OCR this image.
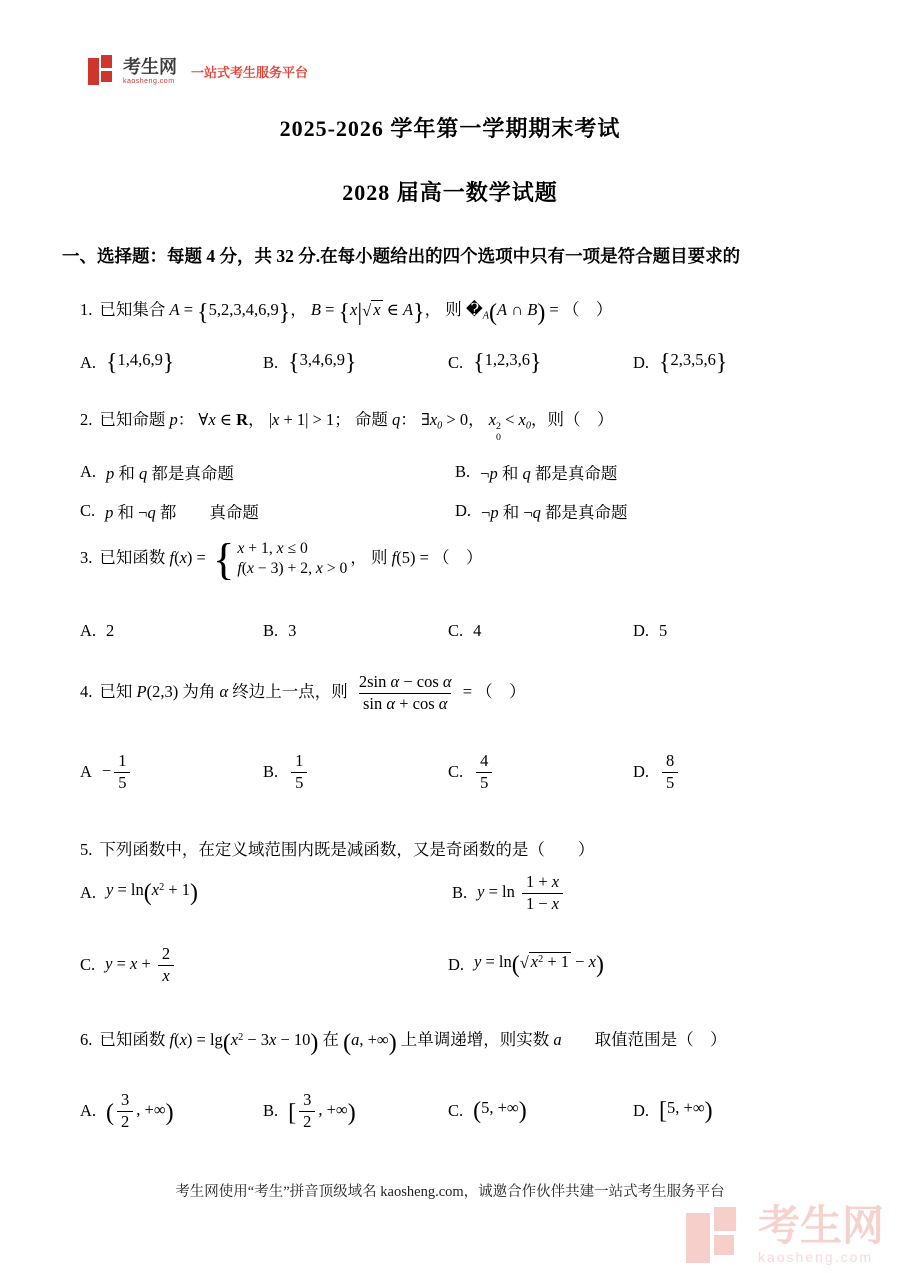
考生网
kaosheng.com
一站式考生服务平台
2025-2026 学年第一学期期末考试
2028 届高一数学试题
一、选择题：每题 4 分，共 32 分.在每小题给出的四个选项中只有一项是符合题目要求的
1. 已知集合 A = {5,2,3,4,6,9}， B = {x| √ x ∈ A}， 则 $�_A(A$ ∩ B) = （　）
A. {1,4,6,9}	B. {3,4,6,9}	C. {1,2,3,6}	D. {2,3,5,6}
2. 已知命题 p： ∀x ∈ R， |x + 1| > 1； 命题 q： $\exists x_0 > 0$， x 2
0
< $x_0$，则（　）
A. p 和 q 都是真命题	B. ¬p 和 q 都是真命题
C. p 和 ¬q 都　　 真命题	D. ¬p 和 ¬q 都是真命题
3. 已知函数 f(x) = { x + 1, x ≤ 0
f(x − 3) + 2, x > 0
， 则 f(5) = （　）
A. 2	B. 3	C. 4	D. 5
4. 已知 P(2,3) 为角 α 终边上一点，则 $\frac{\text{2sin α − cos α}}{\text{sin α + cos α}}$ = （　）
$A - \frac{1}{5}$	B. $\frac{1}{5}$	C. $\frac{4}{5}$	D. $\frac{8}{5}$
5. 下列函数中，在定义域范围内既是减函数，又是奇函数的是（　　）
A. $y = \ln(x^2 + 1)$	B. $y = \ln \frac{1 + x}{1 - x}$
C. $y = x + \frac{2}{x}$	D. y = ln( √ $x^2 + 1 - x$)
6. 已知函数 $f(x) = \lg(x^2 - 3x - 10)$ 在 (a, +∞) 上单调递增，则实数 a　　取值范围是（　）
A. ( $\frac{3}{2}$ , +∞)	B. [ $\frac{3}{2}$ , +∞)	C. (5, +∞)	D. [5, +∞)
考生网使用“考生”拼音顶级域名 kaosheng.com，诚邀合作伙伴共建一站式考生服务平台
考生网
kaosheng.com
